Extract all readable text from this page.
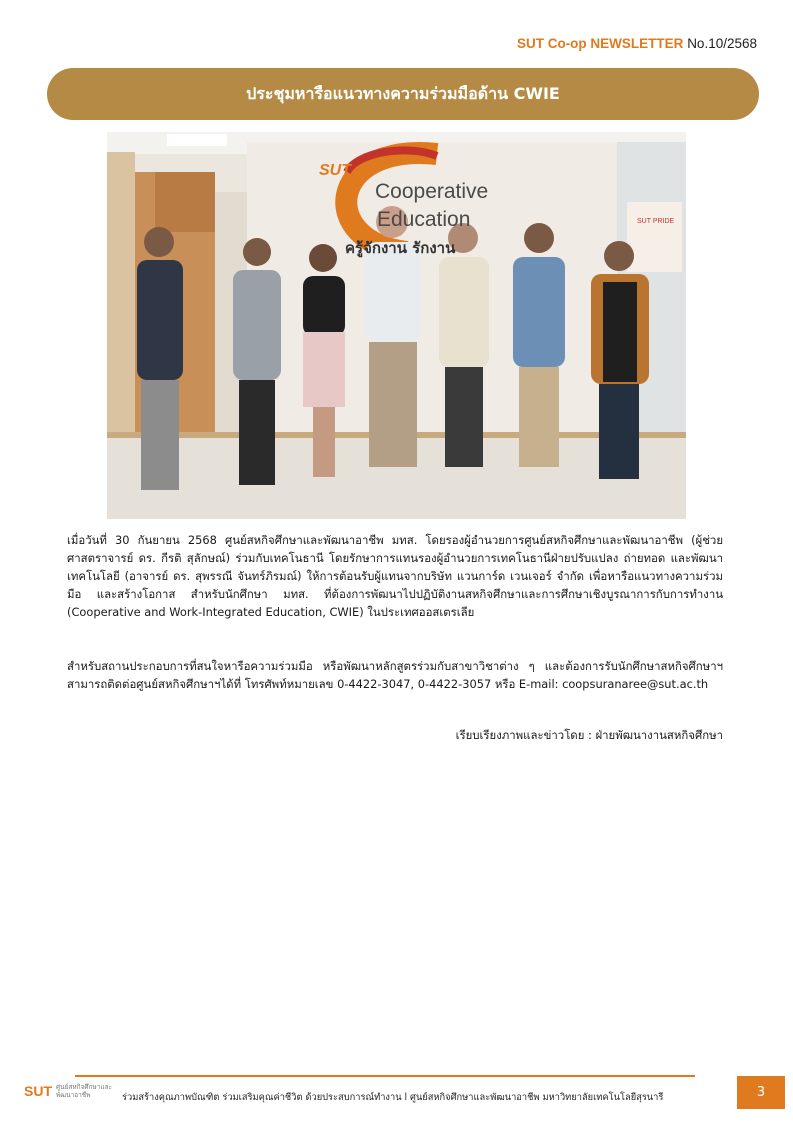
SUT Co-op NEWSLETTER No.10/2568
ประชุมหารือแนวทางความร่วมมือด้าน CWIE
SUT
Cooperative
Education
ครู้จักงาน รักงาน
SUT PRIDE
เมื่อวันที่ 30 กันยายน 2568 ศูนย์สหกิจศึกษาและพัฒนาอาชีพ มทส. โดยรองผู้อำนวยการศูนย์สหกิจศึกษาและพัฒนาอาชีพ (ผู้ช่วยศาสตราจารย์ ดร. กีรติ สุลักษณ์) ร่วมกับเทคโนธานี โดยรักษาการแทนรองผู้อำนวยการเทคโนธานีฝ่ายปรับแปลง ถ่ายทอด และพัฒนาเทคโนโลยี (อาจารย์ ดร. สุพรรณี จันทร์ภิรมณ์) ให้การต้อนรับผู้แทนจากบริษัท แวนการ์ด เวนเจอร์ จำกัด เพื่อหารือแนวทางความร่วมมือ และสร้างโอกาส สำหรับนักศึกษา มทส. ที่ต้องการพัฒนาไปปฏิบัติงานสหกิจศึกษาและการศึกษาเชิงบูรณาการกับการทำงาน (Cooperative and Work-Integrated Education, CWIE) ในประเทศออสเตรเลีย
สำหรับสถานประกอบการที่สนใจหารือความร่วมมือ หรือพัฒนาหลักสูตรร่วมกับสาขาวิชาต่าง ๆ และต้องการรับนักศึกษาสหกิจศึกษาฯ สามารถติดต่อศูนย์สหกิจศึกษาฯได้ที่ โทรศัพท์หมายเลข 0-4422-3047, 0-4422-3057 หรือ E-mail: coopsuranaree@sut.ac.th
เรียบเรียงภาพและข่าวโดย : ฝ่ายพัฒนางานสหกิจศึกษา
SUT ศูนย์สหกิจศึกษาและพัฒนาอาชีพ	ร่วมสร้างคุณภาพบัณฑิต ร่วมเสริมคุณค่าชีวิต ด้วยประสบการณ์ทำงาน l ศูนย์สหกิจศึกษาและพัฒนาอาชีพ มหาวิทยาลัยเทคโนโลยีสุรนารี	3
